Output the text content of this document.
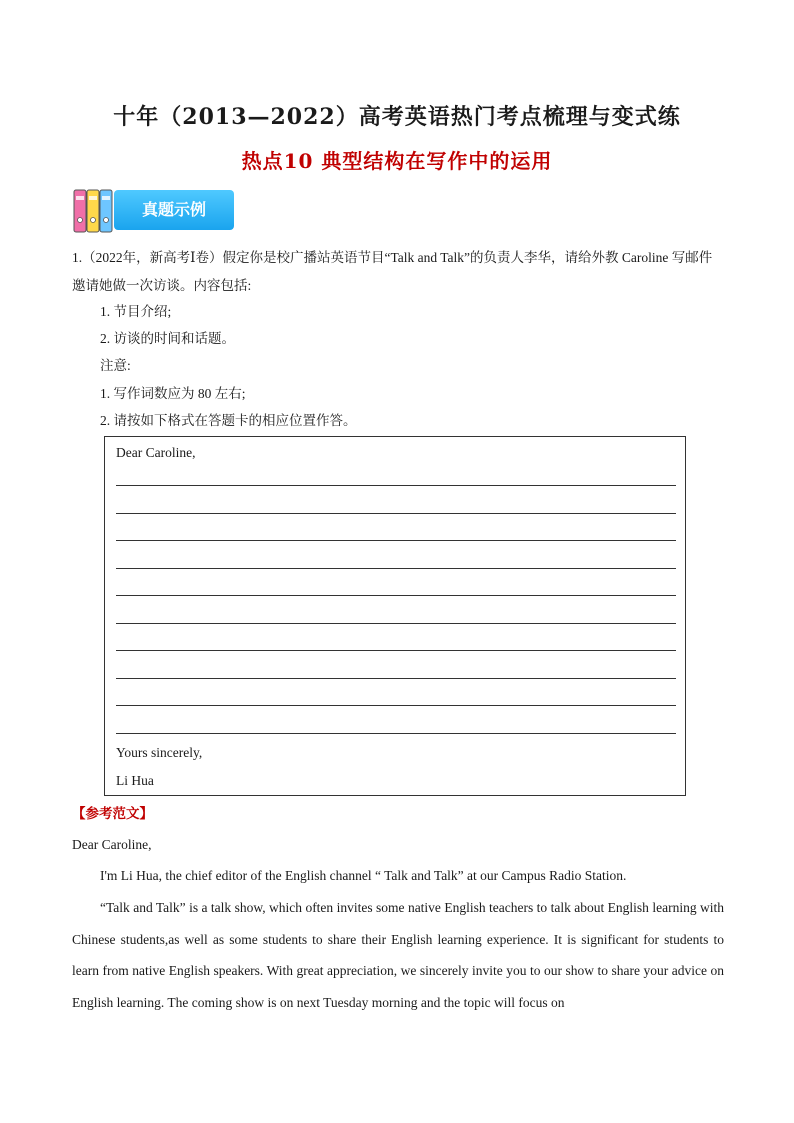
十年（2013—2022）高考英语热门考点梳理与变式练
热点10 典型结构在写作中的运用
真题示例
1.（2022年，新高考Ⅰ卷）假定你是校广播站英语节目“Talk and Talk”的负责人李华，请给外教 Caroline 写邮件邀请她做一次访谈。内容包括:
1. 节目介绍;
2. 访谈的时间和话题。
注意:
1. 写作词数应为 80 左右;
2. 请按如下格式在答题卡的相应位置作答。
Dear Caroline,
Yours sincerely,
Li Hua
【参考范文】
Dear Caroline,
I'm Li Hua, the chief editor of the English channel “ Talk and Talk” at our Campus Radio Station.
“Talk and Talk” is a talk show, which often invites some native English teachers to talk about English learning with Chinese students,as well as some students to share their English learning experience. It is significant for students to learn from native English speakers. With great appreciation, we sincerely invite you to our show to share your advice on English learning. The coming show is on next Tuesday morning and the topic will focus on
